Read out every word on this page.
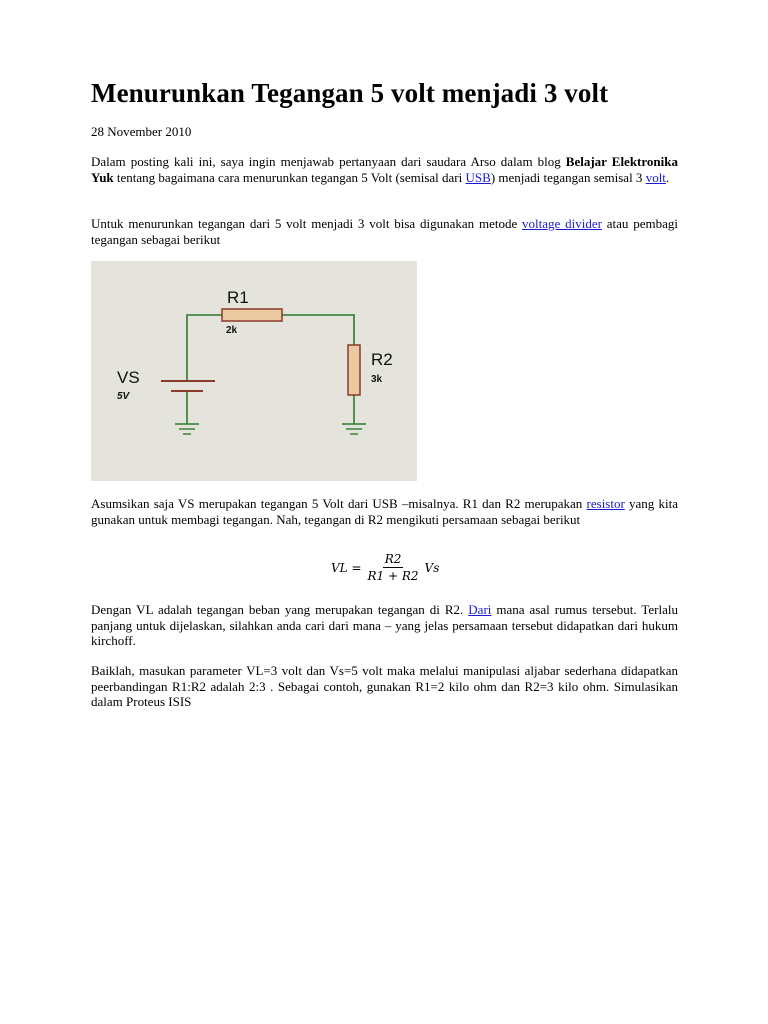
Menurunkan Tegangan 5 volt menjadi 3 volt
28 November 2010

Dalam posting kali ini, saya ingin menjawab pertanyaan dari saudara Arso dalam blog Belajar Elektronika Yuk tentang bagaimana cara menurunkan tegangan 5 Volt (semisal dari USB) menjadi tegangan semisal 3 volt.

Untuk menurunkan tegangan dari 5 volt menjadi 3 volt bisa digunakan metode voltage divider atau pembagi tegangan sebagai berikut

R1
2k
R2
3k
VS
5V

Asumsikan saja VS merupakan tegangan 5 Volt dari USB –misalnya. R1 dan R2 merupakan resistor yang kita gunakan untuk membagi tegangan. Nah, tegangan di R2 mengikuti persamaan sebagai berikut

VL = $\frac{R2}{R1 + R2}$ Vs

Dengan VL adalah tegangan beban yang merupakan tegangan di R2. Dari mana asal rumus tersebut. Terlalu panjang untuk dijelaskan, silahkan anda cari dari mana – yang jelas persamaan tersebut didapatkan dari hukum kirchoff.

Baiklah, masukan parameter VL=3 volt dan Vs=5 volt maka melalui manipulasi aljabar sederhana didapatkan peerbandingan R1:R2 adalah 2:3 . Sebagai contoh, gunakan R1=2 kilo ohm dan R2=3 kilo ohm. Simulasikan dalam Proteus ISIS
